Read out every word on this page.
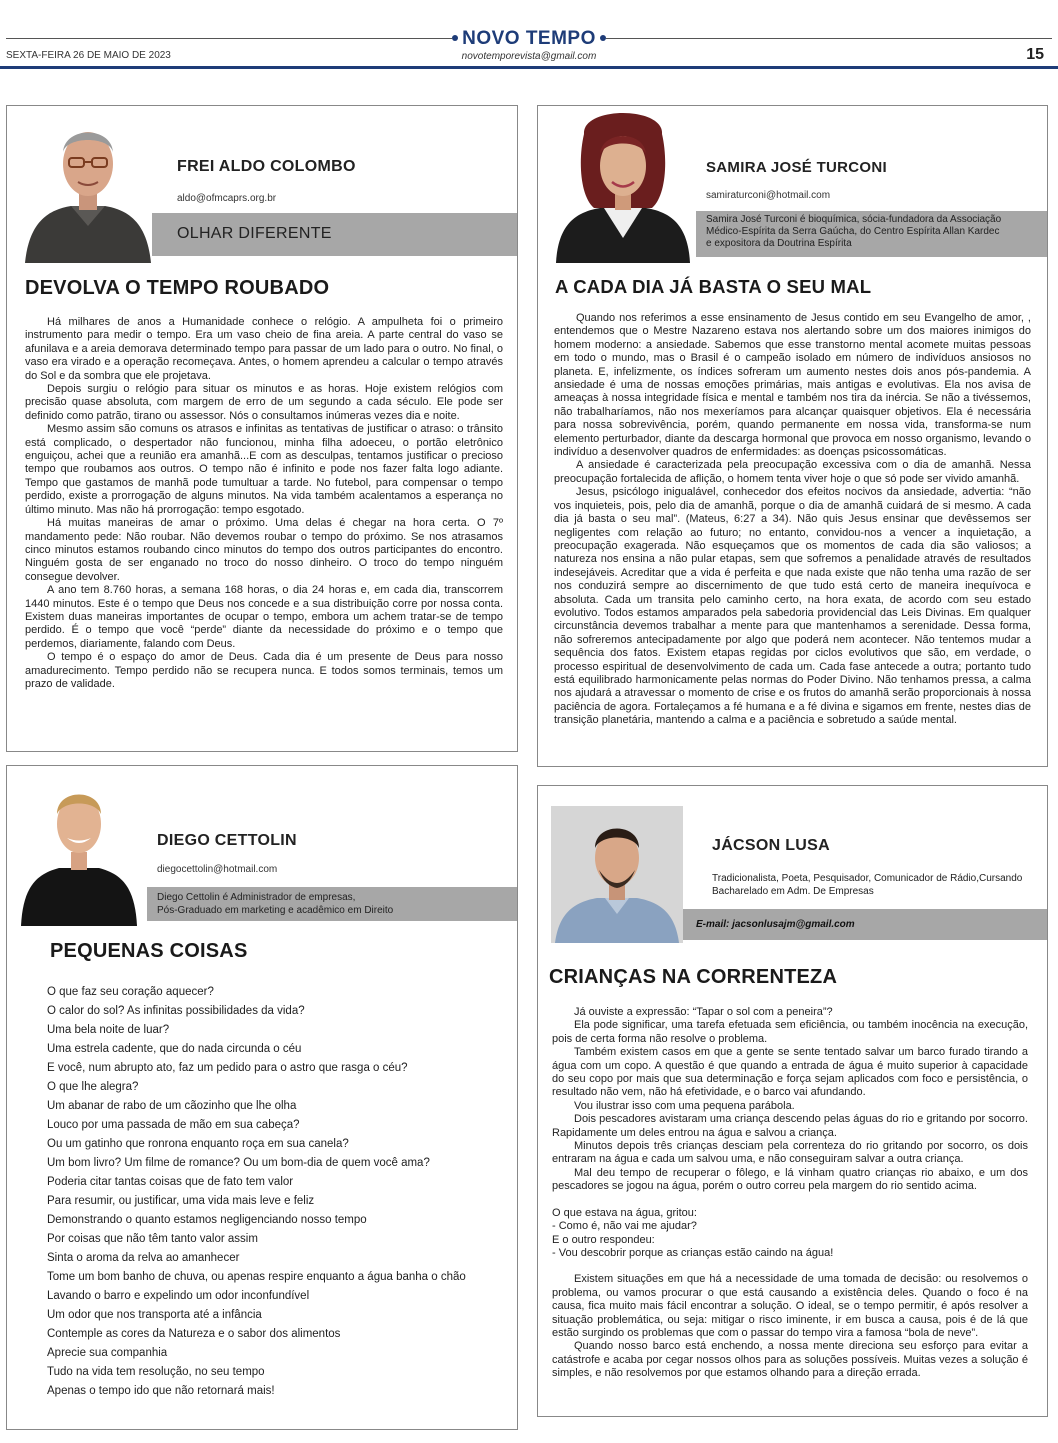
NOVO TEMPO
novotemporevista@gmail.com
SEXTA-FEIRA 26 DE MAIO DE 2023	15
FREI ALDO COLOMBO
aldo@ofmcaprs.org.br
OLHAR DIFERENTE
DEVOLVA O TEMPO ROUBADO

Há milhares de anos a Humanidade conhece o relógio. A ampulheta foi o primeiro instrumento para medir o tempo. Era um vaso cheio de fina areia. A parte central do vaso se afunilava e a areia demorava determinado tempo para passar de um lado para o outro. No final, o vaso era virado e a operação recomeçava. Antes, o homem aprendeu a calcular o tempo através do Sol e da sombra que ele projetava.

Depois surgiu o relógio para situar os minutos e as horas. Hoje existem relógios com precisão quase absoluta, com margem de erro de um segundo a cada século. Ele pode ser definido como patrão, tirano ou assessor. Nós o consultamos inúmeras vezes dia e noite.

Mesmo assim são comuns os atrasos e infinitas as tentativas de justificar o atraso: o trânsito está complicado, o despertador não funcionou, minha filha adoeceu, o portão eletrônico enguiçou, achei que a reunião era amanhã...E com as desculpas, tentamos justificar o precioso tempo que roubamos aos outros. O tempo não é infinito e pode nos fazer falta logo adiante. Tempo que gastamos de manhã pode tumultuar a tarde. No futebol, para compensar o tempo perdido, existe a prorrogação de alguns minutos. Na vida também acalentamos a esperança no último minuto. Mas não há prorrogação: tempo esgotado.

Há muitas maneiras de amar o próximo. Uma delas é chegar na hora certa. O 7º mandamento pede: Não roubar. Não devemos roubar o tempo do próximo. Se nos atrasamos cinco minutos estamos roubando cinco minutos do tempo dos outros participantes do encontro. Ninguém gosta de ser enganado no troco do nosso dinheiro. O troco do tempo ninguém consegue devolver.

A ano tem 8.760 horas, a semana 168 horas, o dia 24 horas e, em cada dia, transcorrem 1440 minutos. Este é o tempo que Deus nos concede e a sua distribuição corre por nossa conta. Existem duas maneiras importantes de ocupar o tempo, embora um achem tratar-se de tempo perdido. É o tempo que você “perde” diante da necessidade do próximo e o tempo que perdemos, diariamente, falando com Deus.

O tempo é o espaço do amor de Deus. Cada dia é um presente de Deus para nosso amadurecimento. Tempo perdido não se recupera nunca. E todos somos terminais, temos um prazo de validade.

SAMIRA JOSÉ TURCONI
samiraturconi@hotmail.com
Samira José Turconi é bioquímica, sócia-fundadora da Associação Médico-Espírita da Serra Gaúcha, do Centro Espírita Allan Kardec e expositora da Doutrina Espírita
A CADA DIA JÁ BASTA O SEU MAL

Quando nos referimos a esse ensinamento de Jesus contido em seu Evangelho de amor, , entendemos que o Mestre Nazareno estava nos alertando sobre um dos maiores inimigos do homem moderno: a ansiedade. Sabemos que esse transtorno mental acomete muitas pessoas em todo o mundo, mas o Brasil é o campeão isolado em número de indivíduos ansiosos no planeta. E, infelizmente, os índices sofreram um aumento nestes dois anos pós-pandemia. A ansiedade é uma de nossas emoções primárias, mais antigas e evolutivas. Ela nos avisa de ameaças à nossa integridade física e mental e também nos tira da inércia. Se não a tivéssemos, não trabalharíamos, não nos mexeríamos para alcançar quaisquer objetivos. Ela é necessária para nossa sobrevivência, porém, quando permanente em nossa vida, transforma-se num elemento perturbador, diante da descarga hormonal que provoca em nosso organismo, levando o indivíduo a desenvolver quadros de enfermidades: as doenças psicossomáticas.

A ansiedade é caracterizada pela preocupação excessiva com o dia de amanhã. Nessa preocupação fortalecida de aflição, o homem tenta viver hoje o que só pode ser vivido amanhã.

Jesus, psicólogo inigualável, conhecedor dos efeitos nocivos da ansiedade, advertia: “não vos inquieteis, pois, pelo dia de amanhã, porque o dia de amanhã cuidará de si mesmo. A cada dia já basta o seu mal”. (Mateus, 6:27 a 34). Não quis Jesus ensinar que devêssemos ser negligentes com relação ao futuro; no entanto, convidou-nos a vencer a inquietação, a preocupação exagerada. Não esqueçamos que os momentos de cada dia são valiosos; a natureza nos ensina a não pular etapas, sem que sofremos a penalidade através de resultados indesejáveis. Acreditar que a vida é perfeita e que nada existe que não tenha uma razão de ser nos conduzirá sempre ao discernimento de que tudo está certo de maneira inequívoca e absoluta. Cada um transita pelo caminho certo, na hora exata, de acordo com seu estado evolutivo. Todos estamos amparados pela sabedoria providencial das Leis Divinas. Em qualquer circunstância devemos trabalhar a mente para que mantenhamos a serenidade. Dessa forma, não sofreremos antecipadamente por algo que poderá nem acontecer. Não tentemos mudar a sequência dos fatos. Existem etapas regidas por ciclos evolutivos que são, em verdade, o processo espiritual de desenvolvimento de cada um. Cada fase antecede a outra; portanto tudo está equilibrado harmonicamente pelas normas do Poder Divino. Não tenhamos pressa, a calma nos ajudará a atravessar o momento de crise e os frutos do amanhã serão proporcionais à nossa paciência de agora. Fortaleçamos a fé humana e a fé divina e sigamos em frente, nestes dias de transição planetária, mantendo a calma e a paciência e sobretudo a saúde mental.

DIEGO CETTOLIN
diegocettolin@hotmail.com
Diego Cettolin é Administrador de empresas,
Pós-Graduado em marketing e acadêmico em Direito
PEQUENAS COISAS
O que faz seu coração aquecer?
O calor do sol? As infinitas possibilidades da vida?
Uma bela noite de luar?
Uma estrela cadente, que do nada circunda o céu
E você, num abrupto ato, faz um pedido para o astro que rasga o céu?
O que lhe alegra?
Um abanar de rabo de um cãozinho que lhe olha
Louco por uma passada de mão em sua cabeça?
Ou um gatinho que ronrona enquanto roça em sua canela?
Um bom livro? Um filme de romance? Ou um bom-dia de quem você ama?
Poderia citar tantas coisas que de fato tem valor
Para resumir, ou justificar, uma vida mais leve e feliz
Demonstrando o quanto estamos negligenciando nosso tempo
Por coisas que não têm tanto valor assim
Sinta o aroma da relva ao amanhecer
Tome um bom banho de chuva, ou apenas respire enquanto a água banha o chão
Lavando o barro e expelindo um odor inconfundível
Um odor que nos transporta até a infância
Contemple as cores da Natureza e o sabor dos alimentos
Aprecie sua companhia
Tudo na vida tem resolução, no seu tempo
Apenas o tempo ido que não retornará mais!
JÁCSON LUSA
Tradicionalista, Poeta, Pesquisador, Comunicador de Rádio,Cursando
Bacharelado em Adm. De Empresas
E-mail: jacsonlusajm@gmail.com
CRIANÇAS NA CORRENTEZA

Já ouviste a expressão: “Tapar o sol com a peneira”?

Ela pode significar, uma tarefa efetuada sem eficiência, ou também inocência na execução, pois de certa forma não resolve o problema.

Também existem casos em que a gente se sente tentado salvar um barco furado tirando a água com um copo. A questão é que quando a entrada de água é muito superior à capacidade do seu copo por mais que sua determinação e força sejam aplicados com foco e persistência, o resultado não vem, não há efetividade, e o barco vai afundando.

Vou ilustrar isso com uma pequena parábola.

Dois pescadores avistaram uma criança descendo pelas águas do rio e gritando por socorro. Rapidamente um deles entrou na água e salvou a criança.

Minutos depois três crianças desciam pela correnteza do rio gritando por socorro, os dois entraram na água e cada um salvou uma, e não conseguiram salvar a outra criança.

Mal deu tempo de recuperar o fôlego, e lá vinham quatro crianças rio abaixo, e um dos pescadores se jogou na água, porém o outro correu pela margem do rio sentido acima.

O que estava na água, gritou:

- Como é, não vai me ajudar?

E o outro respondeu:

- Vou descobrir porque as crianças estão caindo na água!

Existem situações em que há a necessidade de uma tomada de decisão: ou resolvemos o problema, ou vamos procurar o que está causando a existência deles. Quando o foco é na causa, fica muito mais fácil encontrar a solução. O ideal, se o tempo permitir, é após resolver a situação problemática, ou seja: mitigar o risco iminente, ir em busca a causa, pois é de lá que estão surgindo os problemas que com o passar do tempo vira a famosa “bola de neve”.

Quando nosso barco está enchendo, a nossa mente direciona seu esforço para evitar a catástrofe e acaba por cegar nossos olhos para as soluções possíveis. Muitas vezes a solução é simples, e não resolvemos por que estamos olhando para a direção errada.
